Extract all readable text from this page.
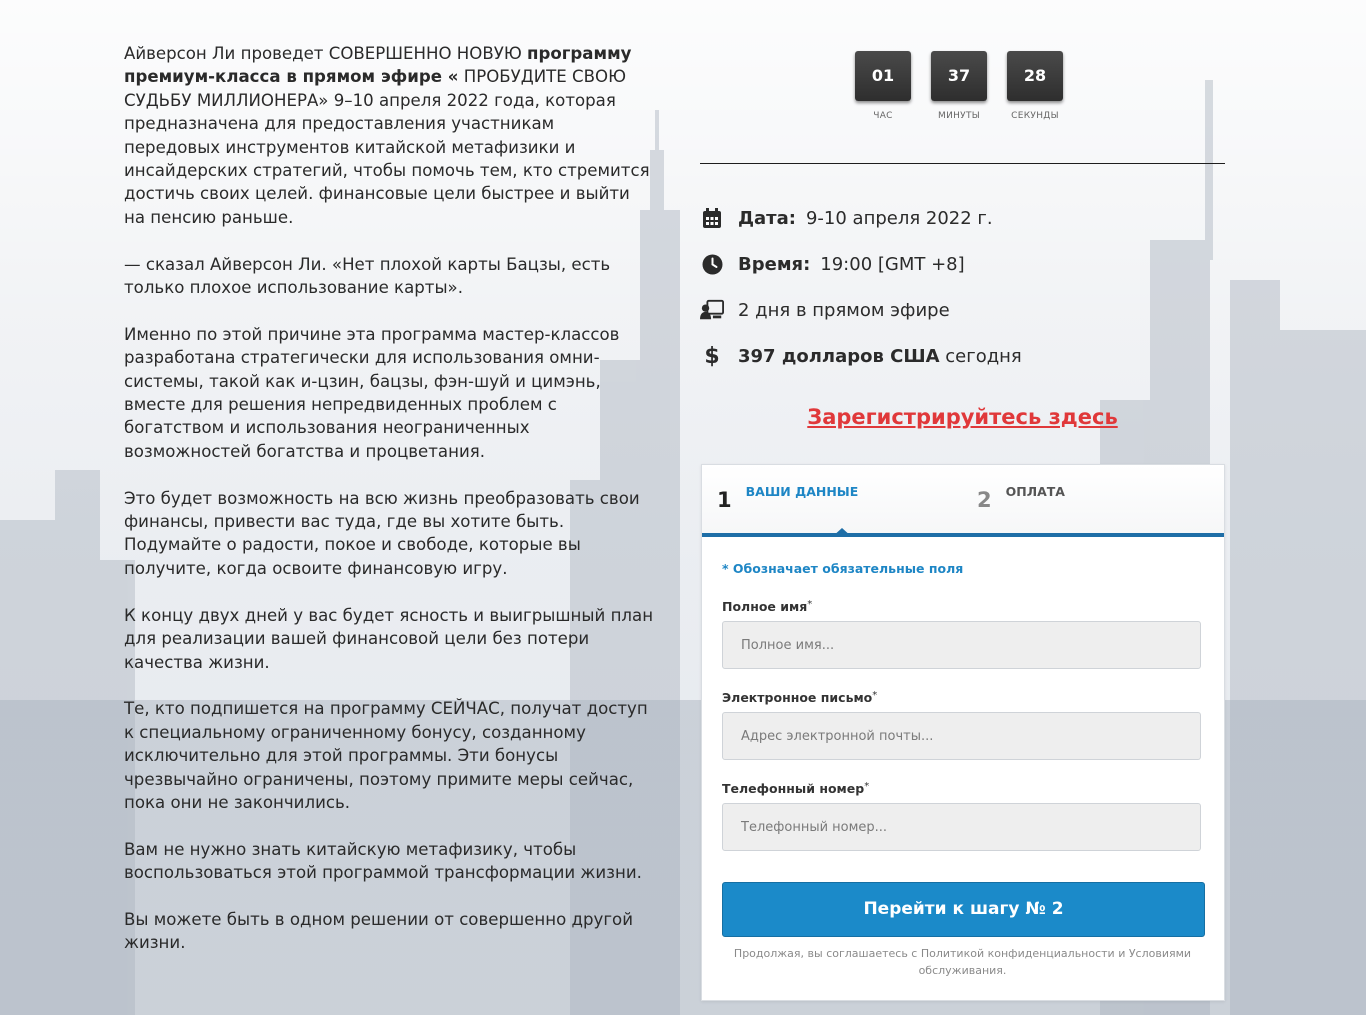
Айверсон Ли проведет СОВЕРШЕННО НОВУЮ программу премиум-класса в прямом эфире « ПРОБУДИТЕ СВОЮ СУДЬБУ МИЛЛИОНЕРА» 9–10 апреля 2022 года, которая предназначена для предоставления участникам передовых инструментов китайской метафизики и инсайдерских стратегий, чтобы помочь тем, кто стремится достичь своих целей. финансовые цели быстрее и выйти на пенсию раньше.

— сказал Айверсон Ли. «Нет плохой карты Бацзы, есть только плохое использование карты».

Именно по этой причине эта программа мастер-классов разработана стратегически для использования омни-системы, такой как и-цзин, бацзы, фэн-шуй и цимэнь, вместе для решения непредвиденных проблем с богатством и использования неограниченных возможностей богатства и процветания.

Это будет возможность на всю жизнь преобразовать свои финансы, привести вас туда, где вы хотите быть. Подумайте о радости, покое и свободе, которые вы получите, когда освоите финансовую игру.

К концу двух дней у вас будет ясность и выигрышный план для реализации вашей финансовой цели без потери качества жизни.

Те, кто подпишется на программу СЕЙЧАС, получат доступ к специальному ограниченному бонусу, созданному исключительно для этой программы. Эти бонусы чрезвычайно ограничены, поэтому примите меры сейчас, пока они не закончились.

Вам не нужно знать китайскую метафизику, чтобы воспользоваться этой программой трансформации жизни.

Вы можете быть в одном решении от совершенно другой жизни.

01
ЧАС
37
МИНУТЫ
28
СЕКУНДЫ
Дата: 9-10 апреля 2022 г.
Время: 19:00 [GMT +8]
2 дня в прямом эфире
$ 397 долларов США сегодня
Зарегистрируйтесь здесь
1 ВАШИ ДАННЫЕ	2 ОПЛАТА
* Обозначает обязательные поля
Полное имя*
Полное имя...
Электронное письмо*
Адрес электронной почты...
Телефонный номер*
Телефонный номер...
Перейти к шагу № 2
Продолжая, вы соглашаетесь с Политикой конфиденциальности и Условиями обслуживания.
